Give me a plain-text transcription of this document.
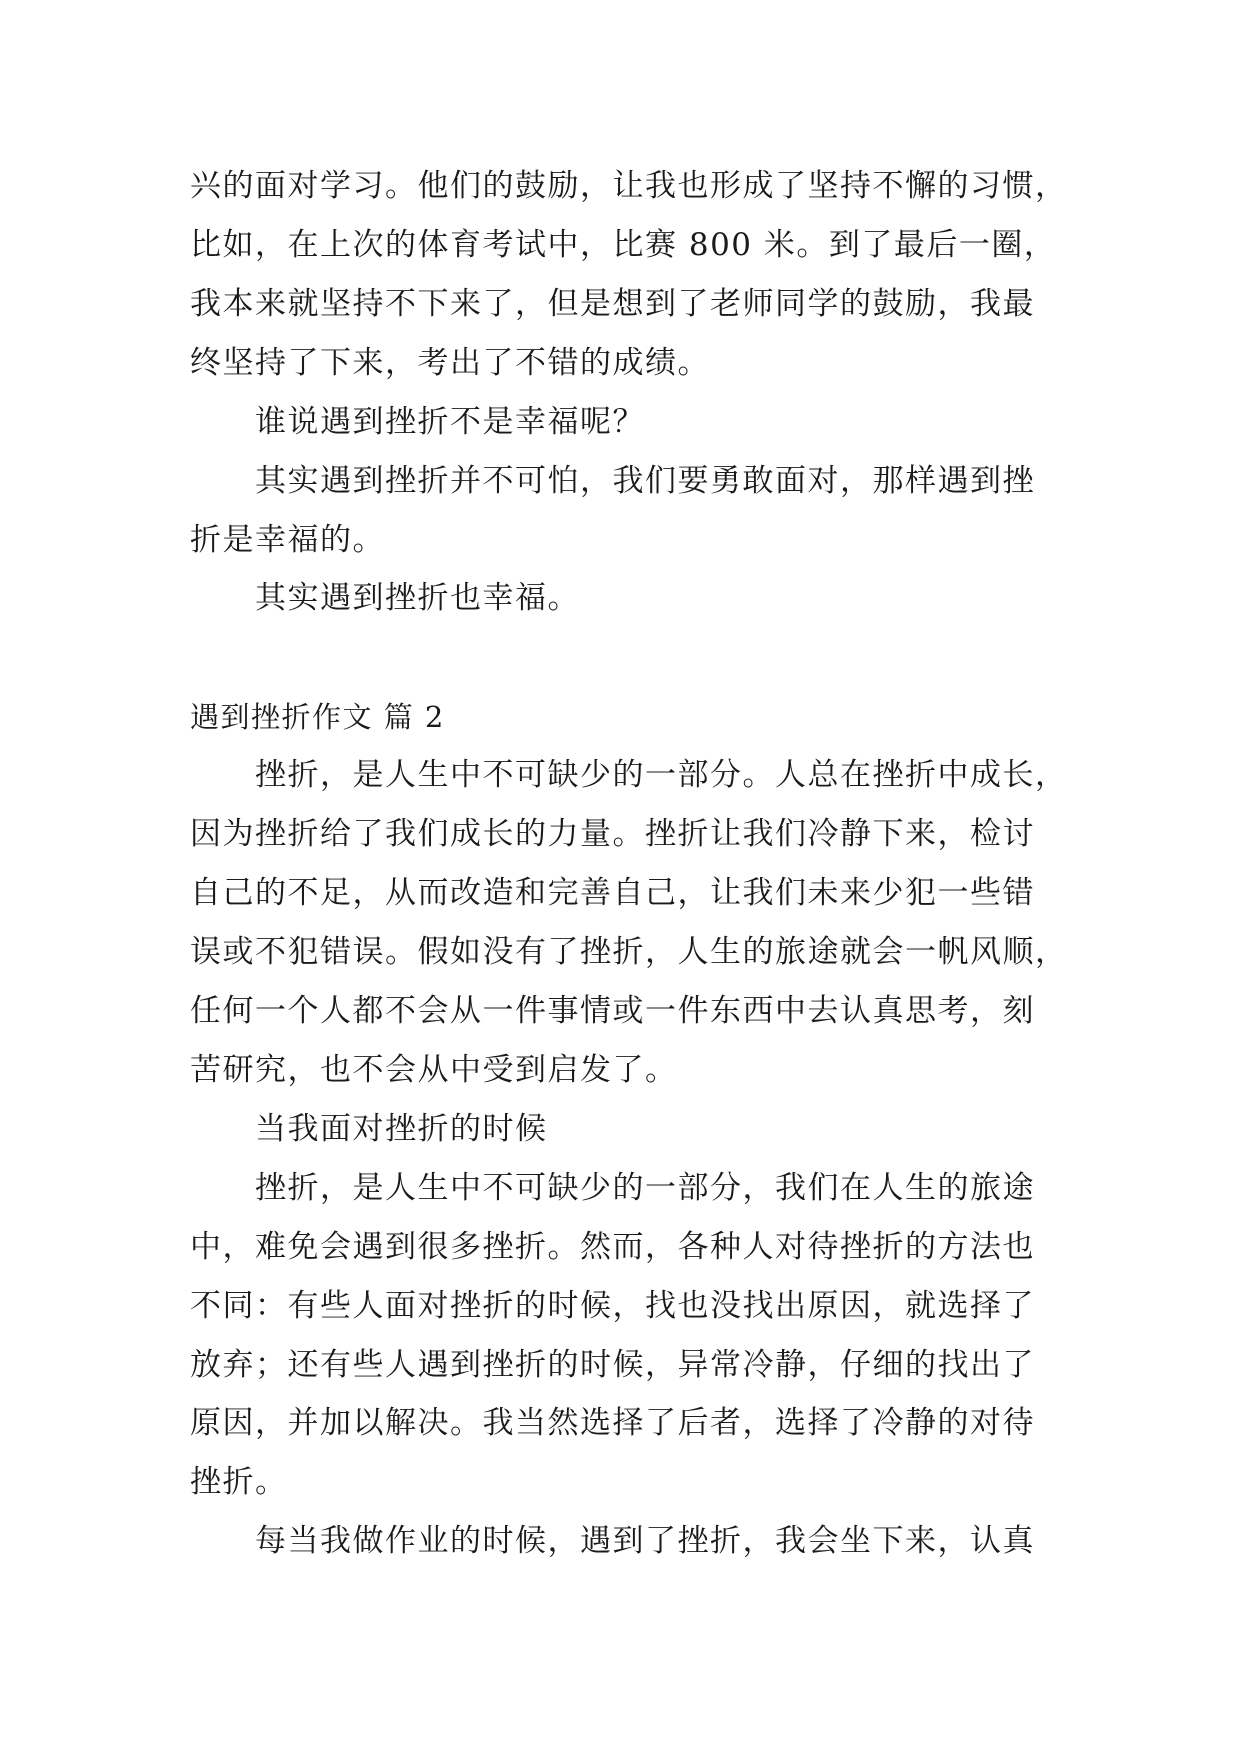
兴的面对学习。他们的鼓励，让我也形成了坚持不懈的习惯，
比如，在上次的体育考试中，比赛 800 米。到了最后一圈，
我本来就坚持不下来了，但是想到了老师同学的鼓励，我最
终坚持了下来，考出了不错的成绩。
谁说遇到挫折不是幸福呢？
其实遇到挫折并不可怕，我们要勇敢面对，那样遇到挫
折是幸福的。
其实遇到挫折也幸福。
遇到挫折作文 篇 2
挫折，是人生中不可缺少的一部分。人总在挫折中成长，
因为挫折给了我们成长的力量。挫折让我们冷静下来，检讨
自己的不足，从而改造和完善自己，让我们未来少犯一些错
误或不犯错误。假如没有了挫折，人生的旅途就会一帆风顺，
任何一个人都不会从一件事情或一件东西中去认真思考，刻
苦研究，也不会从中受到启发了。
当我面对挫折的时候
挫折，是人生中不可缺少的一部分，我们在人生的旅途
中，难免会遇到很多挫折。然而，各种人对待挫折的方法也
不同：有些人面对挫折的时候，找也没找出原因，就选择了
放弃；还有些人遇到挫折的时候，异常冷静，仔细的找出了
原因，并加以解决。我当然选择了后者，选择了冷静的对待
挫折。
每当我做作业的时候，遇到了挫折，我会坐下来，认真
